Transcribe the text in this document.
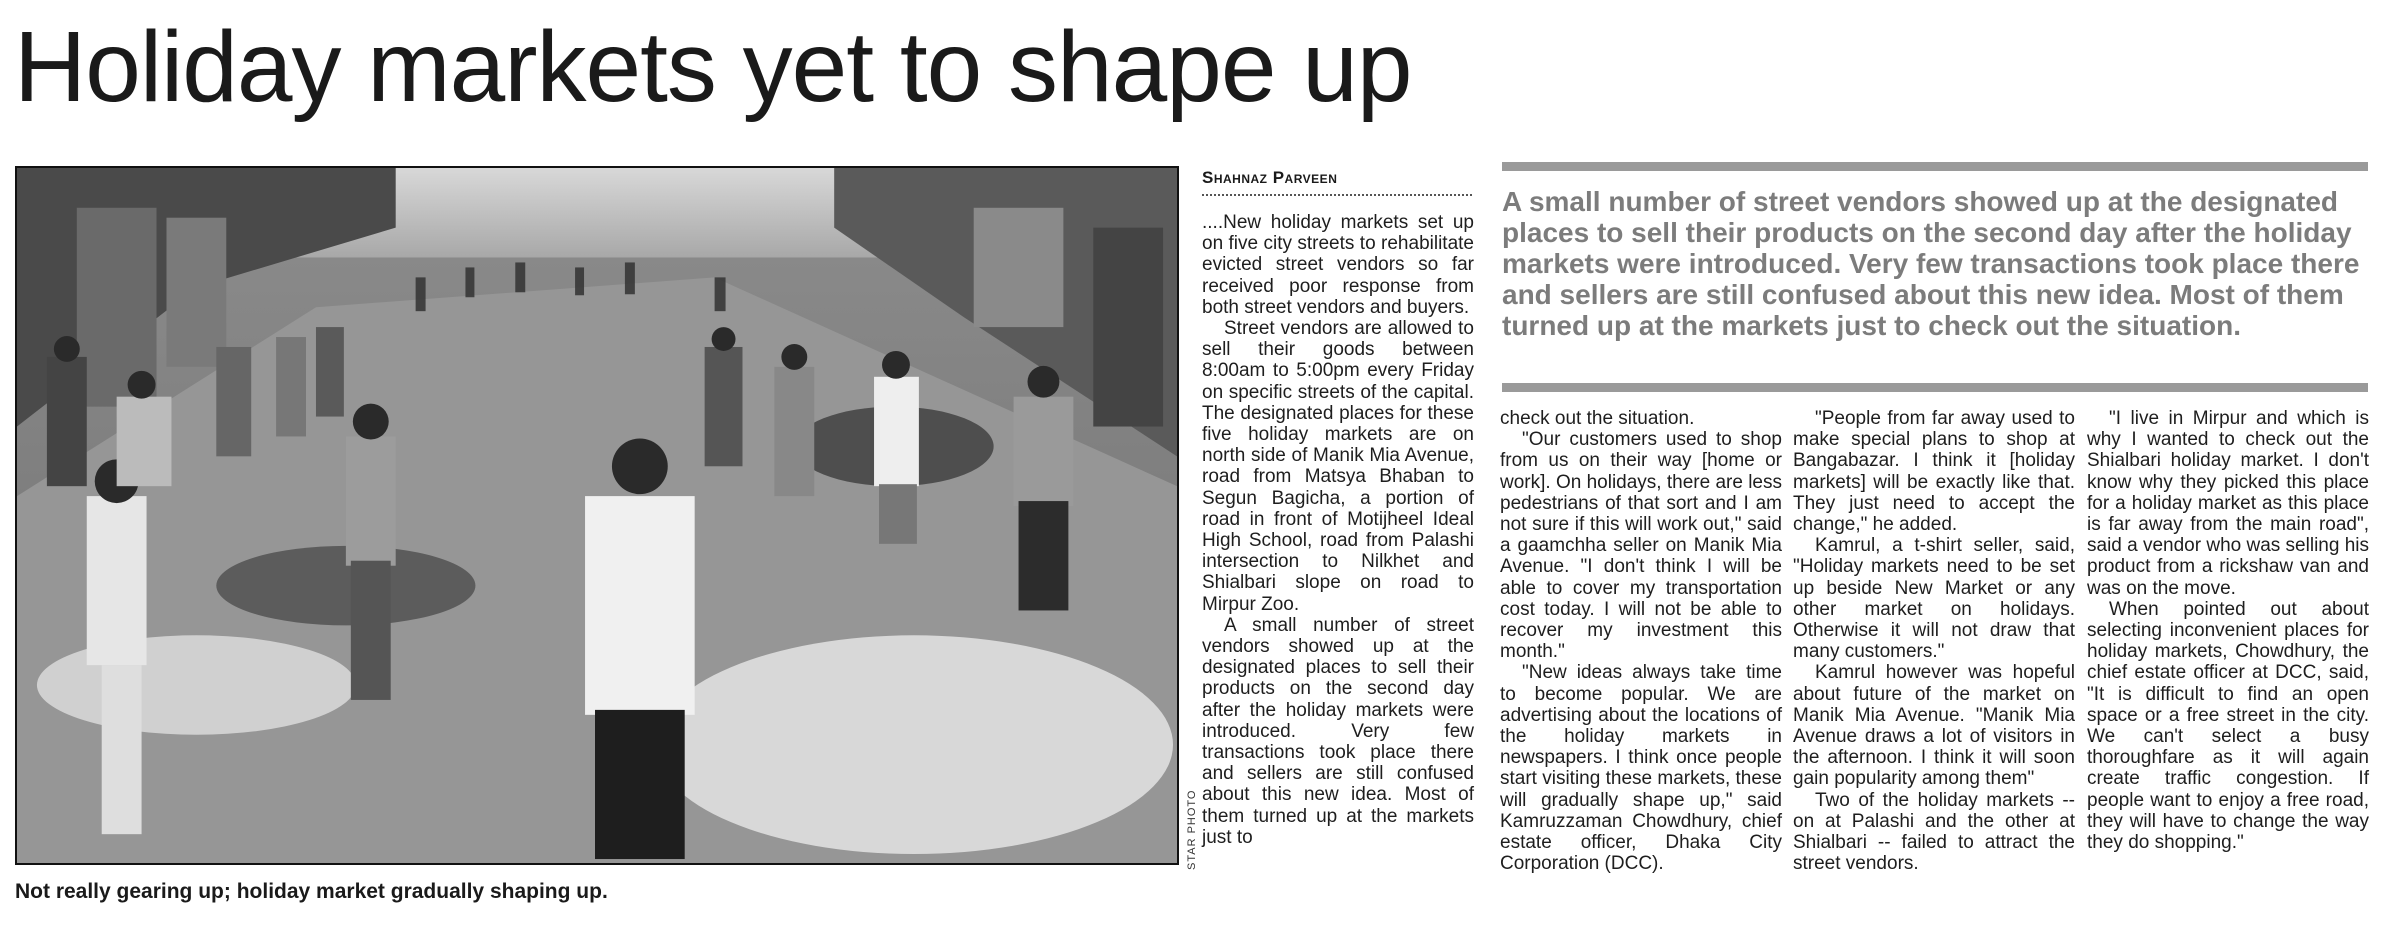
Holiday markets yet to shape up
STAR PHOTO

Not really gearing up; holiday market gradually shaping up.

Shahnaz Parveen

....New holiday markets set up on five city streets to rehabilitate evicted street vendors so far received poor response from both street vendors and buyers.

Street vendors are allowed to sell their goods between 8:00am to 5:00pm every Friday on specific streets of the capital. The designated places for these five holiday markets are on north side of Manik Mia Avenue, road from Matsya Bhaban to Segun Bagicha, a portion of road in front of Motijheel Ideal High School, road from Palashi intersection to Nilkhet and Shialbari slope on road to Mirpur Zoo.

A small number of street vendors showed up at the designated places to sell their products on the second day after the holiday markets were introduced. Very few transactions took place there and sellers are still confused about this new idea. Most of them turned up at the markets just to

A small number of street vendors showed up at the designated places to sell their products on the second day after the holiday markets were introduced. Very few transactions took place there and sellers are still confused about this new idea. Most of them turned up at the markets just to check out the situation.

check out the situation.

"Our customers used to shop from us on their way [home or work]. On holidays, there are less pedestrians of that sort and I am not sure if this will work out," said a gaamchha seller on Manik Mia Avenue. "I don't think I will be able to cover my transportation cost today. I will not be able to recover my investment this month."

"New ideas always take time to become popular. We are advertising about the locations of the holiday markets in newspapers. I think once people start visiting these markets, these will gradually shape up," said Kamruzzaman Chowdhury, chief estate officer, Dhaka City Corporation (DCC).

"People from far away used to make special plans to shop at Bangabazar. I think it [holiday markets] will be exactly like that. They just need to accept the change," he added.

Kamrul, a t-shirt seller, said, "Holiday markets need to be set up beside New Market or any other market on holidays. Otherwise it will not draw that many customers."

Kamrul however was hopeful about future of the market on Manik Mia Avenue. "Manik Mia Avenue draws a lot of visitors in the afternoon. I think it will soon gain popularity among them"

Two of the holiday markets -- on at Palashi and the other at Shialbari -- failed to attract the street vendors.

"I live in Mirpur and which is why I wanted to check out the Shialbari holiday market. I don't know why they picked this place for a holiday market as this place is far away from the main road", said a vendor who was selling his product from a rickshaw van and was on the move.

When pointed out about selecting inconvenient places for holiday markets, Chowdhury, the chief estate officer at DCC, said, "It is difficult to find an open space or a free street in the city. We can't select a busy thoroughfare as it will again create traffic congestion. If people want to enjoy a free road, they will have to change the way they do shopping."
